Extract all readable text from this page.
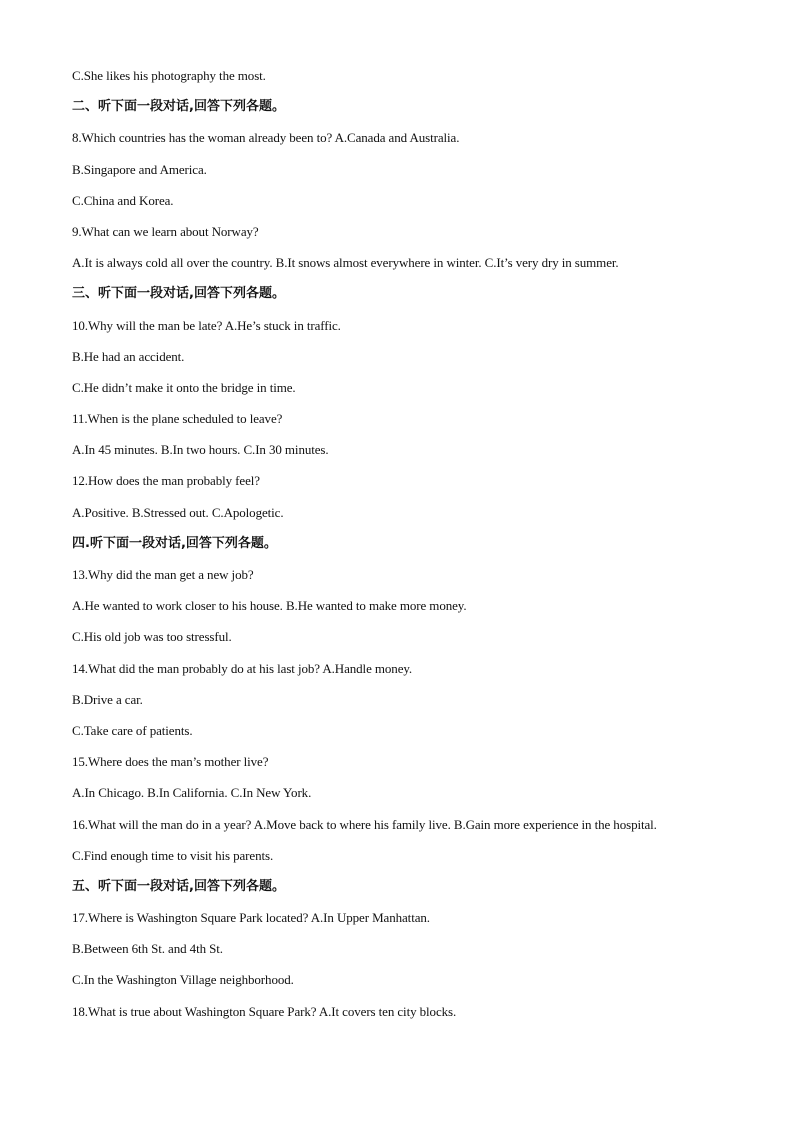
C.She likes his photography the most.
二、听下面一段对话,回答下列各题。
8.Which countries has the woman already been to? A.Canada and Australia.
B.Singapore and America.
C.China and Korea.
9.What can we learn about Norway?
A.It is always cold all over the country. B.It snows almost everywhere in winter. C.It’s very dry in summer.
三、听下面一段对话,回答下列各题。
10.Why will the man be late? A.He’s stuck in traffic.
B.He had an accident.
C.He didn’t make it onto the bridge in time.
11.When is the plane scheduled to leave?
A.In 45 minutes. B.In two hours. C.In 30 minutes.
12.How does the man probably feel?
A.Positive. B.Stressed out. C.Apologetic.
四.听下面一段对话,回答下列各题。
13.Why did the man get a new job?
A.He wanted to work closer to his house. B.He wanted to make more money.
C.His old job was too stressful.
14.What did the man probably do at his last job? A.Handle money.
B.Drive a car.
C.Take care of patients.
15.Where does the man’s mother live?
A.In Chicago. B.In California. C.In New York.
16.What will the man do in a year? A.Move back to where his family live. B.Gain more experience in the hospital.
C.Find enough time to visit his parents.
五、听下面一段对话,回答下列各题。
17.Where is Washington Square Park located? A.In Upper Manhattan.
B.Between 6th St. and 4th St.
C.In the Washington Village neighborhood.
18.What is true about Washington Square Park? A.It covers ten city blocks.
